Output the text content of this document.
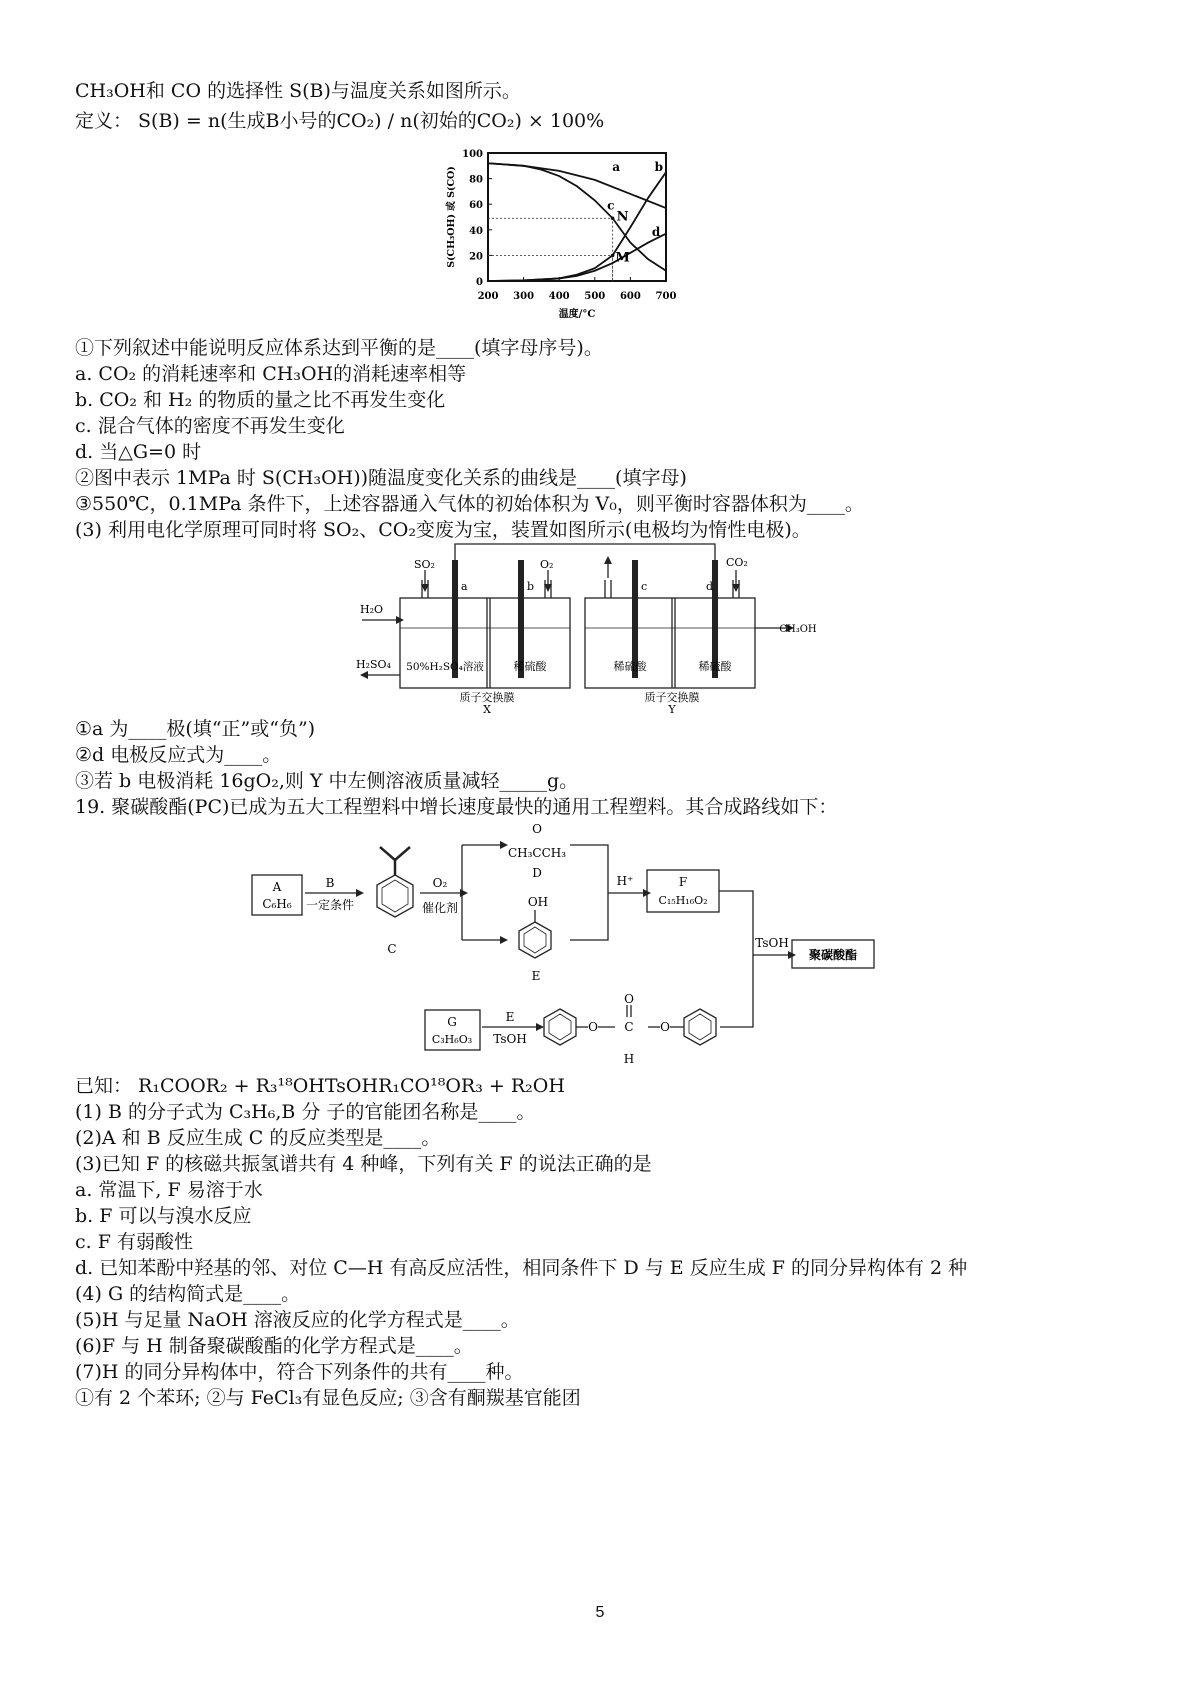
CH₃OH和 CO 的选择性 S(B)与温度关系如图所示。
定义： S(B) = n(生成B小号的CO₂) / n(初始的CO₂) × 100%
200 300 400 500 600 700
0
20
40
60
80
100
温度/°C
S(CH₃OH) 或 S(CO)	a	b
c
d
N
M
①下列叙述中能说明反应体系达到平衡的是____(填字母序号)。
a. CO₂ 的消耗速率和 CH₃OH的消耗速率相等
b. CO₂ 和 H₂ 的物质的量之比不再发生变化
c. 混合气体的密度不再发生变化
d. 当△G=0 时
②图中表示 1MPa 时 S(CH₃OH))随温度变化关系的曲线是____(填字母)
③550℃，0.1MPa 条件下，上述容器通入气体的初始体积为 V₀，则平衡时容器体积为____。
(3) 利用电化学原理可同时将 SO₂、CO₂变废为宝，装置如图所示(电极均为惰性电极)。
SO₂	O₂	CO₂
H₂O
H₂SO₄
CH₃OH
a	b	c	d
50%H₂SO₄溶液	稀硫酸	稀硫酸	稀硫酸
质子交换膜	质子交换膜
X	Y
①a 为____极(填“正”或“负”)
②d 电极反应式为____。
③若 b 电极消耗 16gO₂,则 Y 中左侧溶液质量减轻_____g。
19. 聚碳酸酯(PC)已成为五大工程塑料中增长速度最快的通用工程塑料。其合成路线如下：
A
C₆H₆
B
一定条件
C
O₂
催化剂
O
CH₃CCH₃
D
OH
E
H⁺	F
C₁₅H₁₆O₂
TsOH
聚碳酸酯
G
C₃H₆O₃
E
TsOH
O C
O
O
H
已知： R₁COOR₂ + R₃¹⁸OHTsOHR₁CO¹⁸OR₃ + R₂OH
(1) B 的分子式为 C₃H₆,B 分 子的官能团名称是____。
(2)A 和 B 反应生成 C 的反应类型是____。
(3)已知 F 的核磁共振氢谱共有 4 种峰，下列有关 F 的说法正确的是
a. 常温下, F 易溶于水
b. F 可以与溴水反应
c. F 有弱酸性
d. 已知苯酚中羟基的邻、对位 C—H 有高反应活性，相同条件下 D 与 E 反应生成 F 的同分异构体有 2 种
(4) G 的结构简式是____。
(5)H 与足量 NaOH 溶液反应的化学方程式是____。
(6)F 与 H 制备聚碳酸酯的化学方程式是____。
(7)H 的同分异构体中，符合下列条件的共有____种。
①有 2 个苯环; ②与 FeCl₃有显色反应; ③含有酮羰基官能团
5
